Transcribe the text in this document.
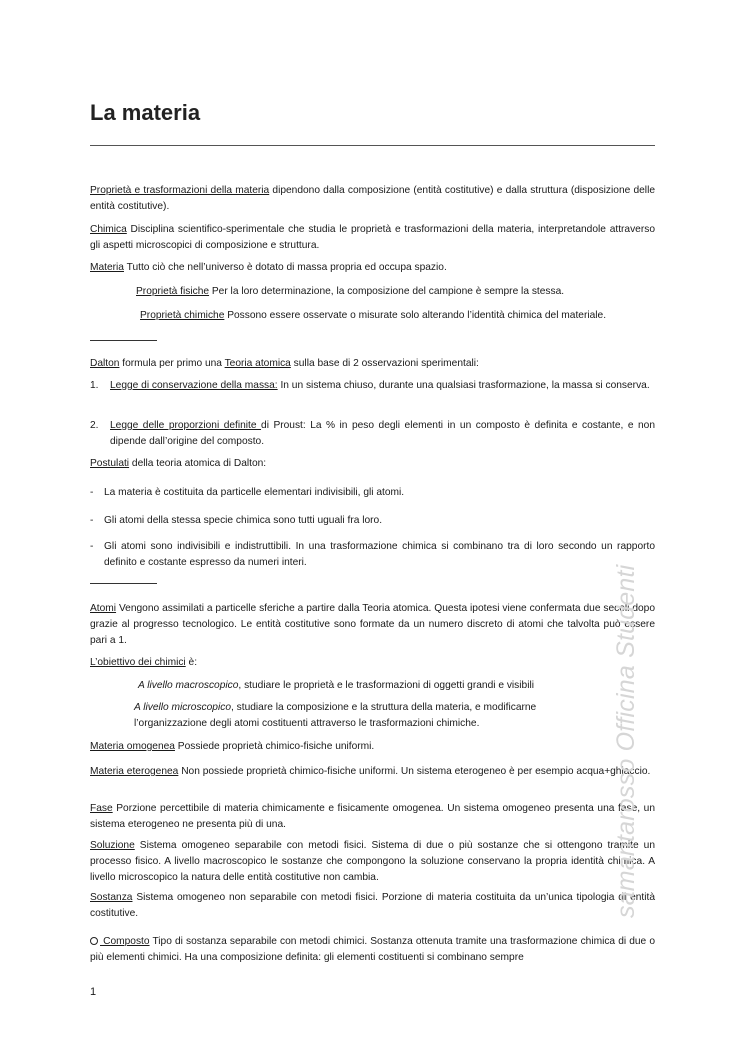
La materia

Proprietà e trasformazioni della materia dipendono dalla composizione (entità costitutive) e dalla struttura (disposizione delle entità costitutive).

Chimica Disciplina scientifico-sperimentale che studia le proprietà e trasformazioni della materia, interpretandole attraverso gli aspetti microscopici di composizione e struttura.

Materia Tutto ciò che nell’universo è dotato di massa propria ed occupa spazio.

Proprietà fisiche Per la loro determinazione, la composizione del campione è sempre la stessa.

Proprietà chimiche Possono essere osservate o misurate solo alterando l’identità chimica del materiale.

Dalton formula per primo una Teoria atomica sulla base di 2 osservazioni sperimentali:

1. Legge di conservazione della massa: In un sistema chiuso, durante una qualsiasi trasformazione, la massa si conserva.

2. Legge delle proporzioni definite di Proust: La % in peso degli elementi in un composto è definita e costante, e non dipende dall’origine del composto.

Postulati della teoria atomica di Dalton:

- La materia è costituita da particelle elementari indivisibili, gli atomi.

- Gli atomi della stessa specie chimica sono tutti uguali fra loro.

- Gli atomi sono indivisibili e indistruttibili. In una trasformazione chimica si combinano tra di loro secondo un rapporto definito e costante espresso da numeri interi.

Atomi Vengono assimilati a particelle sferiche a partire dalla Teoria atomica. Questa ipotesi viene confermata due secoli dopo grazie al progresso tecnologico. Le entità costitutive sono formate da un numero discreto di atomi che talvolta può essere pari a 1.

L’obiettivo dei chimici è:

A livello macroscopico, studiare le proprietà e le trasformazioni di oggetti grandi e visibili

A livello microscopico, studiare la composizione e la struttura della materia, e modificarne l’organizzazione degli atomi costituenti attraverso le trasformazioni chimiche.

Materia omogenea Possiede proprietà chimico-fisiche uniformi.

Materia eterogenea Non possiede proprietà chimico-fisiche uniformi. Un sistema eterogeneo è per esempio acqua+ghiaccio.

Fase Porzione percettibile di materia chimicamente e fisicamente omogenea. Un sistema omogeneo presenta una fase, un sistema eterogeneo ne presenta più di una.

Soluzione Sistema omogeneo separabile con metodi fisici. Sistema di due o più sostanze che si ottengono tramite un processo fisico. A livello macroscopico le sostanze che compongono la soluzione conservano la propria identità chimica. A livello microscopico la natura delle entità costitutive non cambia.

Sostanza Sistema omogeneo non separabile con metodi fisici. Porzione di materia costituita da un’unica tipologia di entità costitutive.

Composto Tipo di sostanza separabile con metodi chimici. Sostanza ottenuta tramite una trasformazione chimica di due o più elementi chimici. Ha una composizione definita: gli elementi costituenti si combinano sempre

samantarosso Officina Studenti
1
